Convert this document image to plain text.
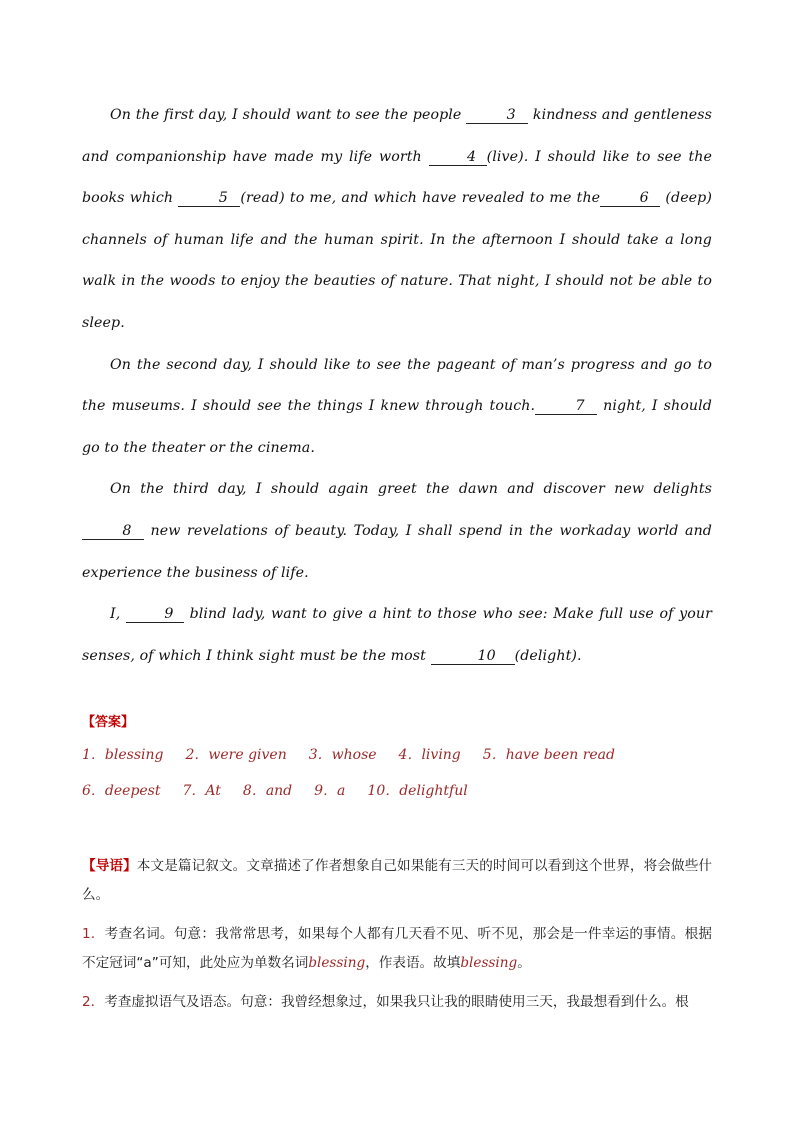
On the first day, I should want to see the people	3 kindness and gentleness and companionship have made my life worth	4 (live). I should like to see the books which	5 (read) to me, and which have revealed to me the	6 (deep) channels of human life and the human spirit. In the afternoon I should take a long walk in the woods to enjoy the beauties of nature. That night, I should not be able to sleep.

On the second day, I should like to see the pageant of man’s progress and go to the museums. I should see the things I knew through touch.	7 night, I should go to the theater or the cinema.

On the third day, I should again greet the dawn and discover new delights 8 new revelations of beauty. Today, I shall spend in the workaday world and experience the business of life.

I,	9 blind lady, want to give a hint to those who see: Make full use of your senses, of which I think sight must be the most	10 (delight).

【答案】
1．blessing 2．were given 3．whose 4．living 5．have been read
6．deepest 7．At 8．and 9．a 10．delightful
【导语】本文是篇记叙文。文章描述了作者想象自己如果能有三天的时间可以看到这个世界，将会做些什么。
1．考查名词。句意：我常常思考，如果每个人都有几天看不见、听不见，那会是一件幸运的事情。根据不定冠词“a”可知，此处应为单数名词blessing，作表语。故填blessing。
2．考查虚拟语气及语态。句意：我曾经想象过，如果我只让我的眼睛使用三天，我最想看到什么。根
